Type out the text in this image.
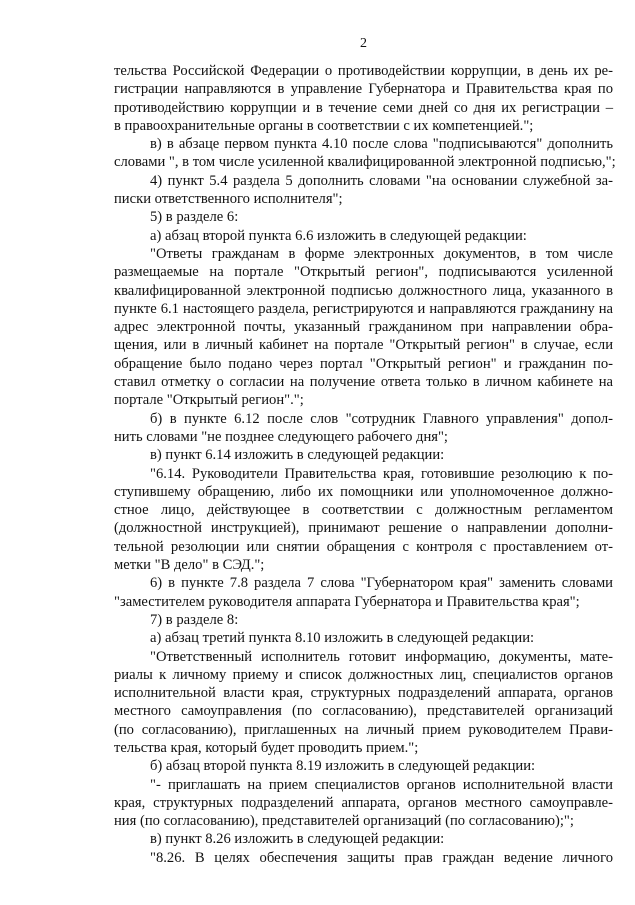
2
тельства Российской Федерации о противодействии коррупции, в день их ре-
гистрации направляются в управление Губернатора и Правительства края по
противодействию коррупции и в течение семи дней со дня их регистрации –
в правоохранительные органы в соответствии с их компетенцией.";
в) в абзаце первом пункта 4.10 после слова "подписываются" дополнить
словами ", в том числе усиленной квалифицированной электронной подписью,";
4) пункт 5.4 раздела 5 дополнить словами "на основании служебной за-
писки ответственного исполнителя";
5) в разделе 6:
а) абзац второй пункта 6.6 изложить в следующей редакции:
"Ответы гражданам в форме электронных документов, в том числе
размещаемые на портале "Открытый регион", подписываются усиленной
квалифицированной электронной подписью должностного лица, указанного в
пункте 6.1 настоящего раздела, регистрируются и направляются гражданину на
адрес электронной почты, указанный гражданином при направлении обра-
щения, или в личный кабинет на портале "Открытый регион" в случае, если
обращение было подано через портал "Открытый регион" и гражданин по-
ставил отметку о согласии на получение ответа только в личном кабинете на
портале "Открытый регион".";
б) в пункте 6.12 после слов "сотрудник Главного управления" допол-
нить словами "не позднее следующего рабочего дня";
в) пункт 6.14 изложить в следующей редакции:
"6.14. Руководители Правительства края, готовившие резолюцию к по-
ступившему обращению, либо их помощники или уполномоченное должно-
стное лицо, действующее в соответствии с должностным регламентом
(должностной инструкцией), принимают решение о направлении дополни-
тельной резолюции или снятии обращения с контроля с проставлением от-
метки "В дело" в СЭД.";
6) в пункте 7.8 раздела 7 слова "Губернатором края" заменить словами
"заместителем руководителя аппарата Губернатора и Правительства края";
7) в разделе 8:
а) абзац третий пункта 8.10 изложить в следующей редакции:
"Ответственный исполнитель готовит информацию, документы, мате-
риалы к личному приему и список должностных лиц, специалистов органов
исполнительной власти края, структурных подразделений аппарата, органов
местного самоуправления (по согласованию), представителей организаций
(по согласованию), приглашенных на личный прием руководителем Прави-
тельства края, который будет проводить прием.";
б) абзац второй пункта 8.19 изложить в следующей редакции:
"- приглашать на прием специалистов органов исполнительной власти
края, структурных подразделений аппарата, органов местного самоуправле-
ния (по согласованию), представителей организаций (по согласованию);";
в) пункт 8.26 изложить в следующей редакции:
"8.26. В целях обеспечения защиты прав граждан ведение личного
